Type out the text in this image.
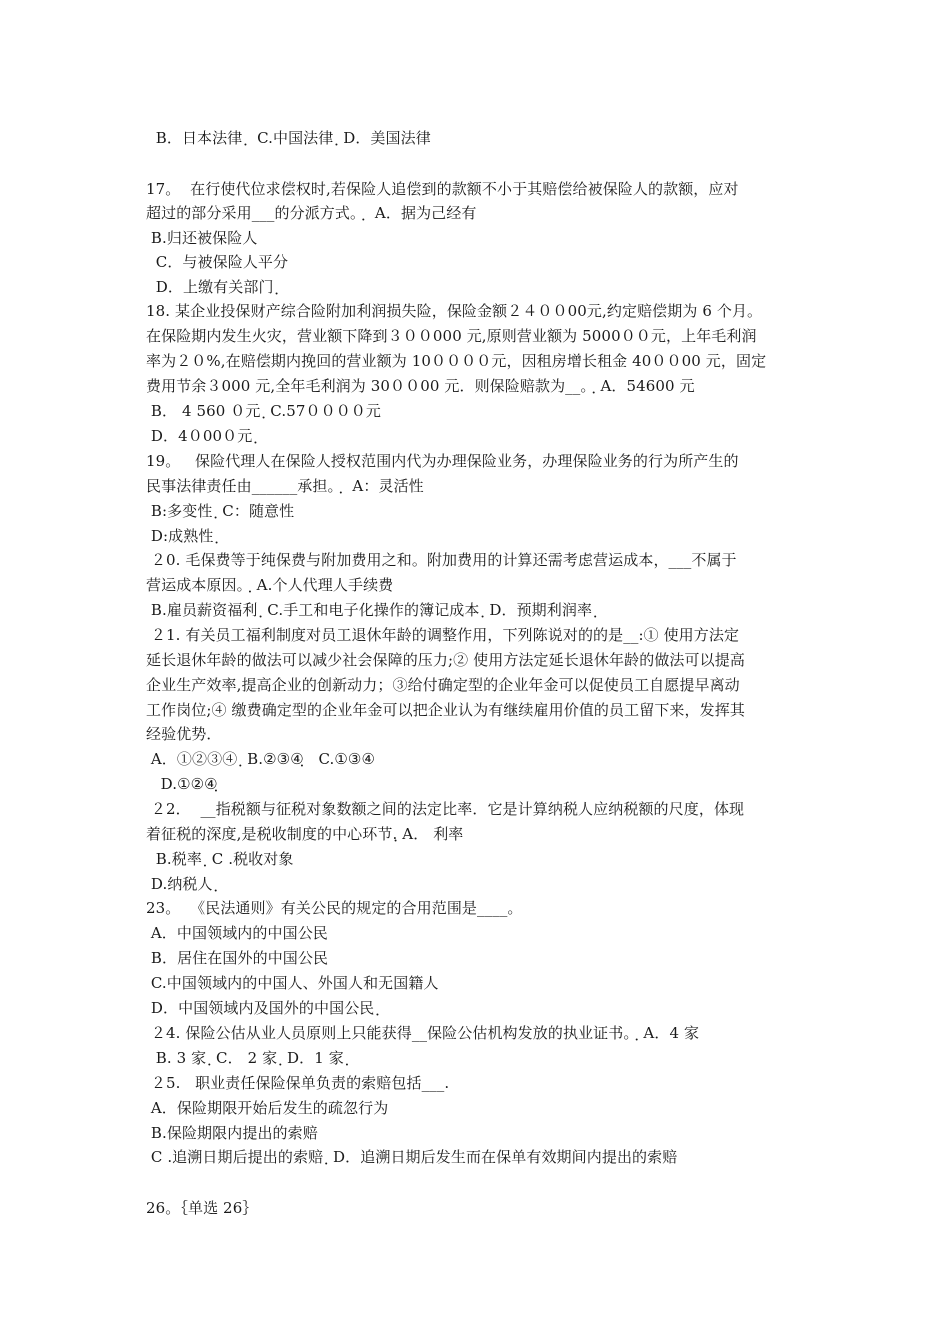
B．日本法律 ฺ  C.中国法律 ฺ D．美国法律
17。  在行使代位求偿权时,若保险人追偿到的款额不小于其赔偿给被保险人的款额，应对
超过的部分采用___的分派方式。ฺ  A．据为己经有
B.归还被保险人
C．与被保险人平分
D．上缴有关部门 ฺ
18. 某企业投保财产综合险附加利润损失险，保险金额２４００00元,约定赔偿期为 6 个月。
在保险期内发生火灾，营业额下降到３００000 元,原则营业额为 5000００元，上年毛利润
率为２０%,在赔偿期内挽回的营业额为 10００００元，因租房增长租金 40００00 元，固定
费用节余３000 元,全年毛利润为 30００00 元．则保险赔款为__。ฺ A．54600 元
B． 4 560 ０元 ฺ C.57００００元
D．4０00０元 ฺ
19。   保险代理人在保险人授权范围内代为办理保险业务，办理保险业务的行为所产生的
民事法律责任由______承担。ฺ  A：灵活性
B:多变性 ฺ C：随意性
D:成熟性 ฺ
２0. 毛保费等于纯保费与附加费用之和。附加费用的计算还需考虑营运成本，___不属于
营运成本原因。ฺ A.个人代理人手续费
B.雇员薪资福利 ฺ C.手工和电子化操作的簿记成本 ฺ D．预期利润率 ฺ
２1. 有关员工福利制度对员工退休年龄的调整作用，下列陈说对的的是__:① 使用方法定
延长退休年龄的做法可以减少社会保障的压力;② 使用方法定延长退休年龄的做法可以提高
企业生产效率,提高企业的创新动力；③给付确定型的企业年金可以促使员工自愿提早离动
工作岗位;④ 缴费确定型的企业年金可以把企业认为有继续雇用价值的员工留下来，发挥其
经验优势．
A．①②③④ ฺ B.②③④ฺ   C.①③④
D.①②④ฺ
２2．  __指税额与征税对象数额之间的法定比率．它是计算纳税人应纳税额的尺度，体现
着征税的深度,是税收制度的中心环节.ฺ A． 利率
B.税率 ฺ C .税收对象
D.纳税人 ฺ
23。  《民法通则》有关公民的规定的合用范围是____。
A．中国领域内的中国公民
B．居住在国外的中国公民
C.中国领域内的中国人、外国人和无国籍人
D．中国领域内及国外的中国公民 ฺ
２4. 保险公估从业人员原则上只能获得__保险公估机构发放的执业证书。ฺ A．4 家
B. 3 家 ฺ C． 2 家 ฺ D．1 家 ฺ
２5.   职业责任保险保单负责的索赔包括___.
A．保险期限开始后发生的疏忽行为
B.保险期限内提出的索赔
C .追溯日期后提出的索赔 ฺ D．追溯日期后发生而在保单有效期间内提出的索赔
26。｛单选 26｝
